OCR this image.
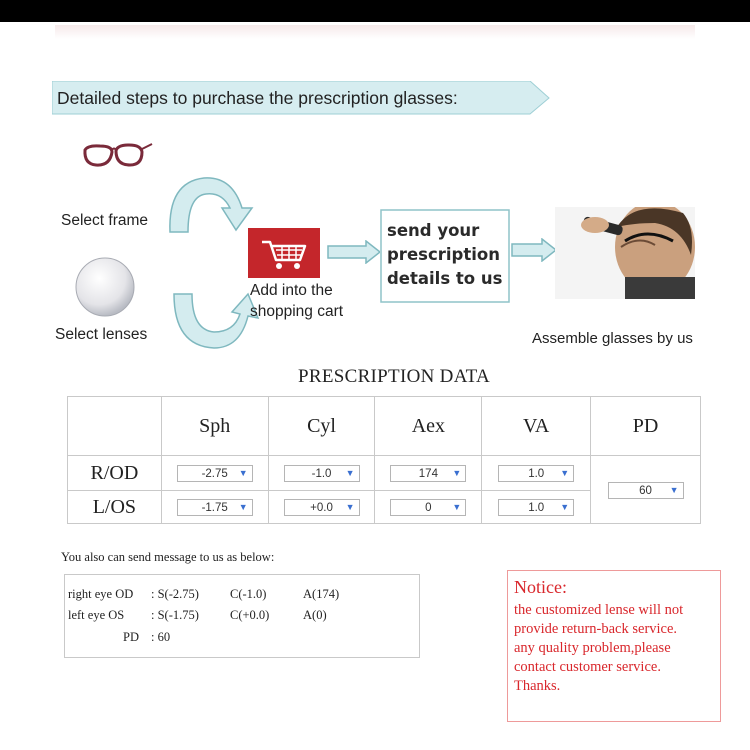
Detailed steps to purchase the prescription glasses:
Select frame
Select lenses
Add into the
shopping cart
send your
prescription
details to us
Assemble glasses by us
PRESCRIPTION DATA
	Sph	Cyl	Aex	VA	PD
R/OD	-2.75 ▼	-1.0 ▼	174 ▼	1.0 ▼	60 ▼

L/OS	-1.75 ▼	+0.0 ▼	0 ▼	1.0 ▼	
You also can send message to us as below:
right eye OD : S(-2.75) C(-1.0)	A(174)
left eye OS : S(-1.75) C(+0.0)	A(0)
PD : 60
Notice:
the customized lense will not
provide return-back service.
any quality problem,please
contact customer service.
Thanks.
